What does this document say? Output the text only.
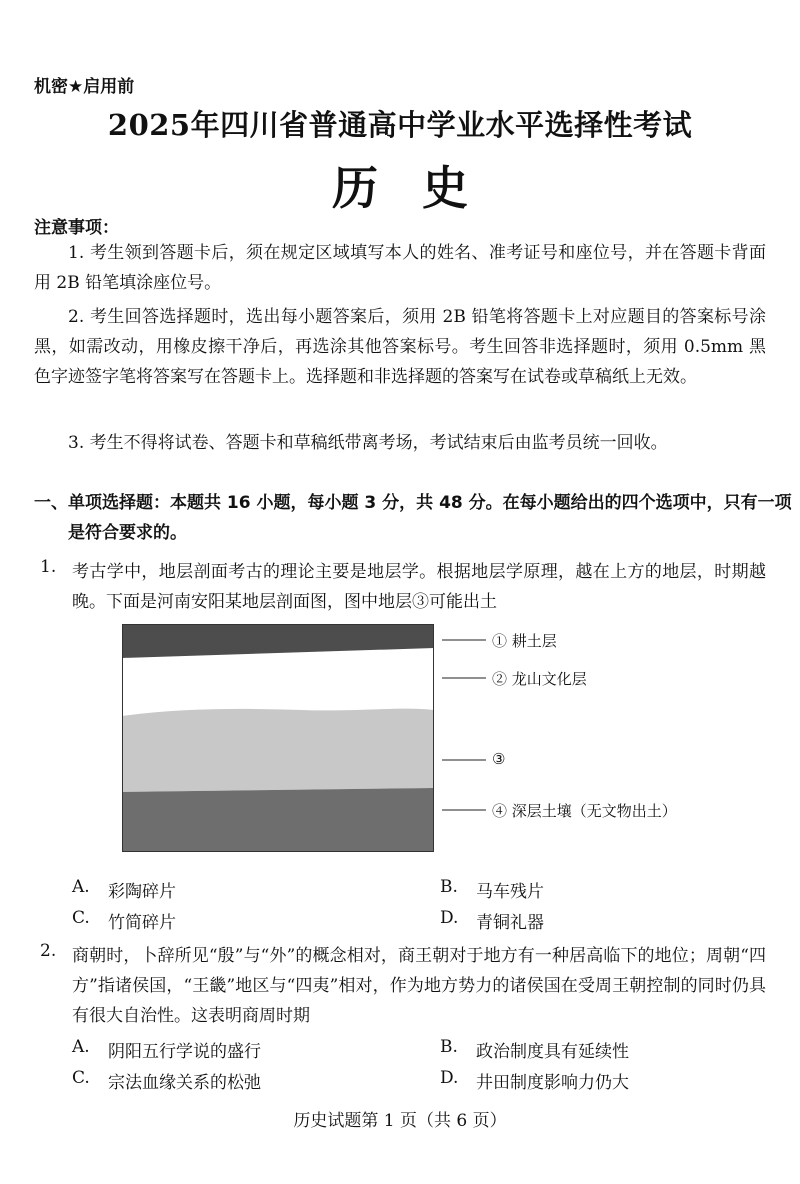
机密★启用前
2025年四川省普通高中学业水平选择性考试
历史
注意事项：
1. 考生领到答题卡后，须在规定区域填写本人的姓名、准考证号和座位号，并在答题卡背面用 2B 铅笔填涂座位号。
2. 考生回答选择题时，选出每小题答案后，须用 2B 铅笔将答题卡上对应题目的答案标号涂黑，如需改动，用橡皮擦干净后，再选涂其他答案标号。考生回答非选择题时，须用 0.5mm 黑色字迹签字笔将答案写在答题卡上。选择题和非选择题的答案写在试卷或草稿纸上无效。
3. 考生不得将试卷、答题卡和草稿纸带离考场，考试结束后由监考员统一回收。
一、单项选择题：本题共 16 小题，每小题 3 分，共 48 分。在每小题给出的四个选项中，只有一项是符合要求的。
1. 考古学中，地层剖面考古的理论主要是地层学。根据地层学原理，越在上方的地层，时期越晚。下面是河南安阳某地层剖面图，图中地层③可能出土
① 耕土层
② 龙山文化层
③
④ 深层土壤（无文物出土）
A. 彩陶碎片	B. 马车残片
C. 竹简碎片	D. 青铜礼器
2. 商朝时，卜辞所见“殷”与“外”的概念相对，商王朝对于地方有一种居高临下的地位；周朝“四方”指诸侯国，“王畿”地区与“四夷”相对，作为地方势力的诸侯国在受周王朝控制的同时仍具有很大自治性。这表明商周时期
A. 阴阳五行学说的盛行	B. 政治制度具有延续性
C. 宗法血缘关系的松弛	D. 井田制度影响力仍大
历史试题第 1 页（共 6 页）
